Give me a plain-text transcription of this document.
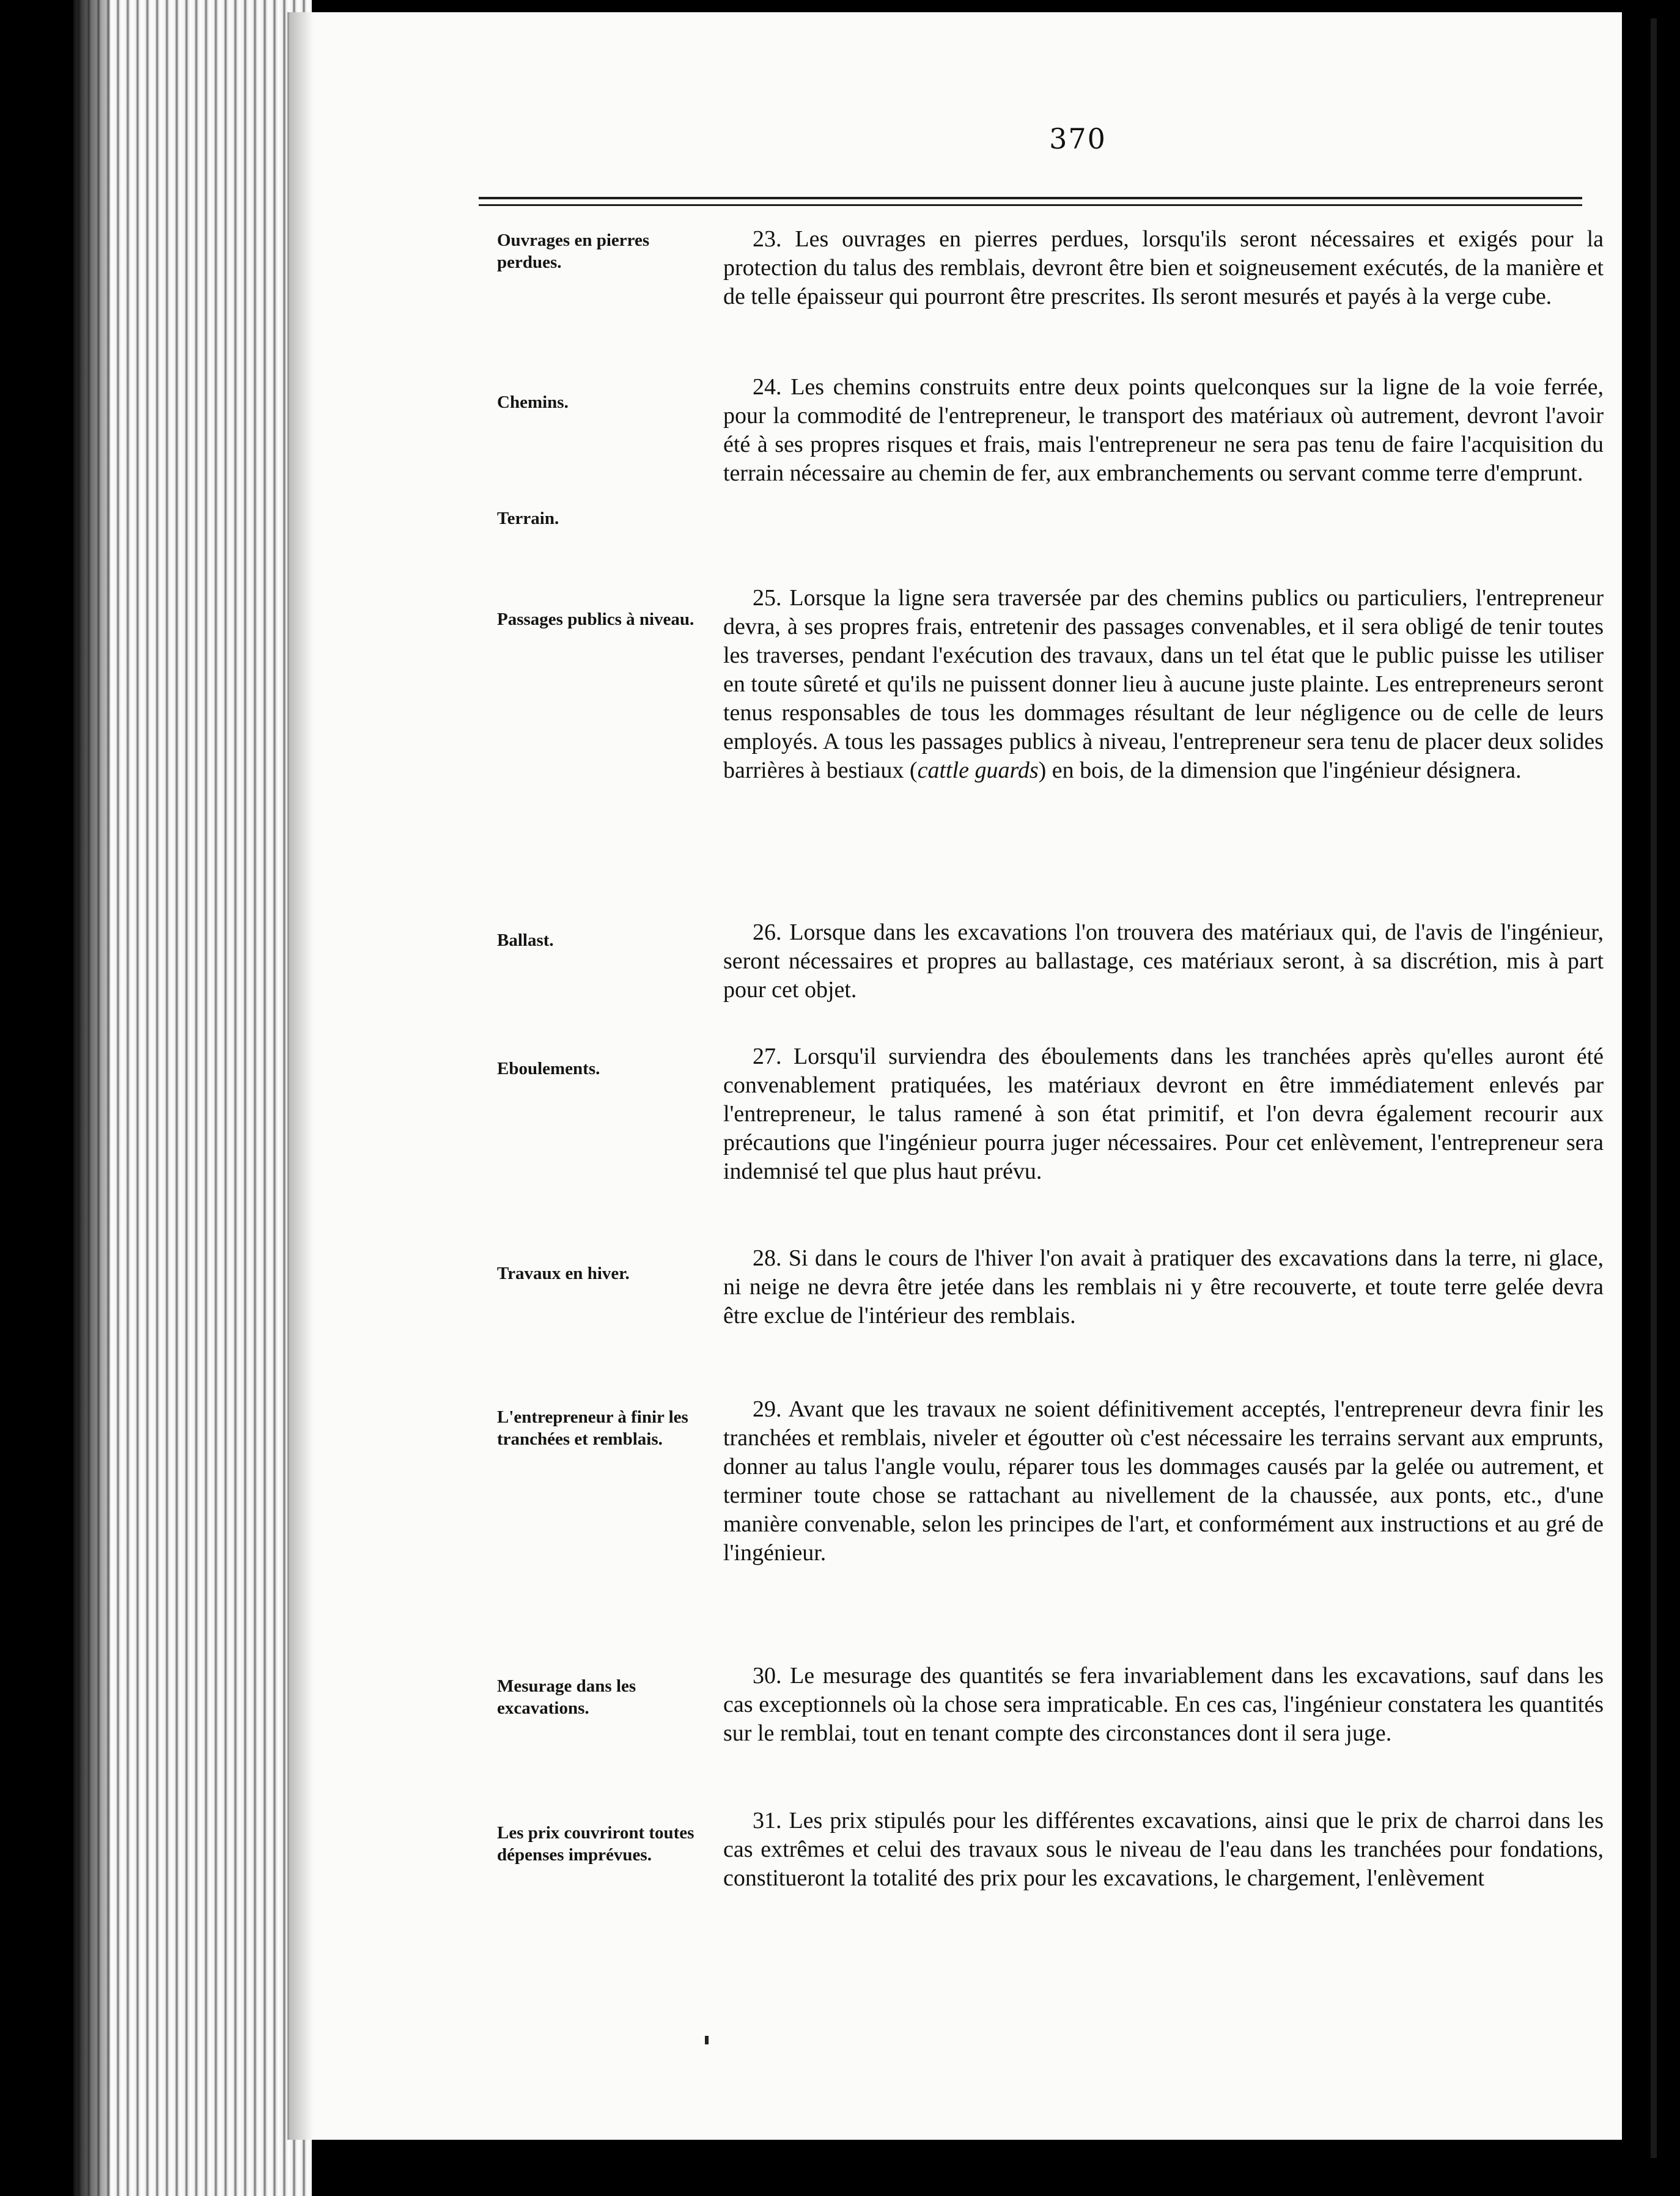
370
Ouvrages en pierres perdues.
23. Les ouvrages en pierres perdues, lorsqu'ils seront nécessaires et exigés pour la protection du talus des remblais, devront être bien et soigneusement exécutés, de la manière et de telle épaisseur qui pourront être prescrites. Ils seront mesurés et payés à la verge cube.
Chemins.
Terrain.
24. Les chemins construits entre deux points quelconques sur la ligne de la voie ferrée, pour la commodité de l'entrepreneur, le transport des matériaux où autrement, devront l'avoir été à ses propres risques et frais, mais l'entrepreneur ne sera pas tenu de faire l'acquisition du terrain nécessaire au chemin de fer, aux embranchements ou servant comme terre d'emprunt.
Passages publics à niveau.
25. Lorsque la ligne sera traversée par des chemins publics ou particuliers, l'entrepreneur devra, à ses propres frais, entretenir des passages convenables, et il sera obligé de tenir toutes les traverses, pendant l'exécution des travaux, dans un tel état que le public puisse les utiliser en toute sûreté et qu'ils ne puissent donner lieu à aucune juste plainte. Les entrepreneurs seront tenus responsables de tous les dommages résultant de leur négligence ou de celle de leurs employés. A tous les passages publics à niveau, l'entrepreneur sera tenu de placer deux solides barrières à bestiaux (cattle guards) en bois, de la dimension que l'ingénieur désignera.
Ballast.	26. Lorsque dans les excavations l'on trouvera des matériaux qui, de l'avis de l'ingénieur, seront nécessaires et propres au ballastage, ces matériaux seront, à sa discrétion, mis à part pour cet objet.
Eboulements.	27. Lorsqu'il surviendra des éboulements dans les tranchées après qu'elles auront été convenablement pratiquées, les matériaux devront en être immédiatement enlevés par l'entrepreneur, le talus ramené à son état primitif, et l'on devra également recourir aux précautions que l'ingénieur pourra juger nécessaires. Pour cet enlèvement, l'entrepreneur sera indemnisé tel que plus haut prévu.
Travaux en hiver.
28. Si dans le cours de l'hiver l'on avait à pratiquer des excavations dans la terre, ni glace, ni neige ne devra être jetée dans les remblais ni y être recouverte, et toute terre gelée devra être exclue de l'intérieur des remblais.
L'entrepreneur à finir les tranchées et remblais.
29. Avant que les travaux ne soient définitivement acceptés, l'entrepreneur devra finir les tranchées et remblais, niveler et égoutter où c'est nécessaire les terrains servant aux emprunts, donner au talus l'angle voulu, réparer tous les dommages causés par la gelée ou autrement, et terminer toute chose se rattachant au nivellement de la chaussée, aux ponts, etc., d'une manière convenable, selon les principes de l'art, et conformément aux instructions et au gré de l'ingénieur.
Mesurage dans les excavations.
30. Le mesurage des quantités se fera invariablement dans les excavations, sauf dans les cas exceptionnels où la chose sera impraticable. En ces cas, l'ingénieur constatera les quantités sur le remblai, tout en tenant compte des circonstances dont il sera juge.
Les prix couvriront toutes dépenses imprévues.
31. Les prix stipulés pour les différentes excavations, ainsi que le prix de charroi dans les cas extrêmes et celui des travaux sous le niveau de l'eau dans les tranchées pour fondations, constitueront la totalité des prix pour les excavations, le chargement, l'enlèvement
